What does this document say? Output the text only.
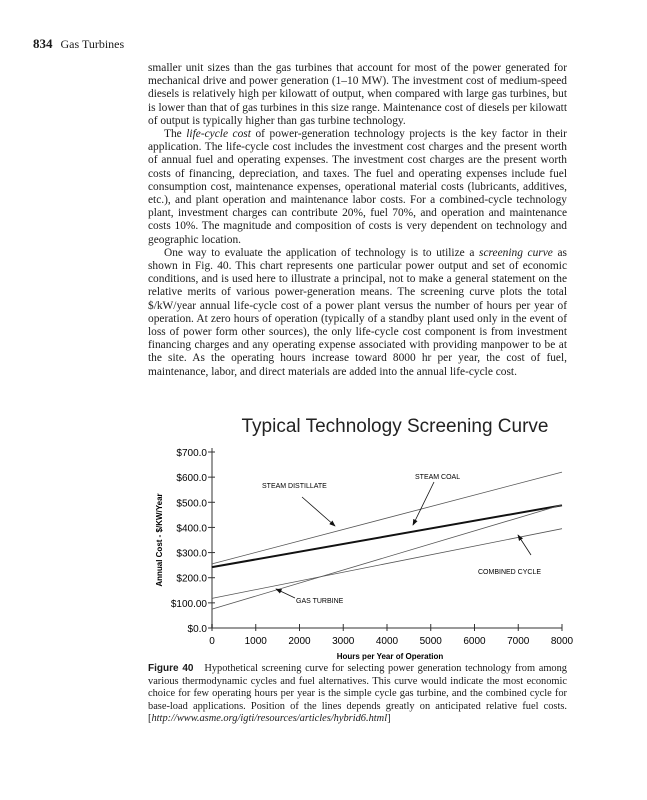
834 Gas Turbines

smaller unit sizes than the gas turbines that account for most of the power generated for mechanical drive and power generation (1–10 MW). The investment cost of medium-speed diesels is relatively high per kilowatt of output, when compared with large gas turbines, but is lower than that of gas turbines in this size range. Maintenance cost of diesels per kilowatt of output is typically higher than gas turbine technology.

The life-cycle cost of power-generation technology projects is the key factor in their application. The life-cycle cost includes the investment cost charges and the present worth of annual fuel and operating expenses. The investment cost charges are the present worth costs of financing, depreciation, and taxes. The fuel and operating expenses include fuel consumption cost, maintenance expenses, operational material costs (lubricants, additives, etc.), and plant operation and maintenance labor costs. For a combined-cycle technology plant, investment charges can contribute 20%, fuel 70%, and operation and maintenance costs 10%. The magnitude and composition of costs is very dependent on technology and geographic location.

One way to evaluate the application of technology is to utilize a screening curve as shown in Fig. 40. This chart represents one particular power output and set of economic conditions, and is used here to illustrate a principal, not to make a general statement on the relative merits of various power-generation means. The screening curve plots the total $/kW/year annual life-cycle cost of a power plant versus the number of hours per year of operation. At zero hours of operation (typically of a standby plant used only in the event of loss of power form other sources), the only life-cycle cost component is from investment financing charges and any operating expense associated with providing manpower to be at the site. As the operating hours increase toward 8000 hr per year, the cost of fuel, maintenance, labor, and direct materials are added into the annual life-cycle cost.

Typical Technology Screening Curve
$0.0
$100.00
$200.0
$300.0
$400.0
$500.0
$600.0
$700.0
0	1000 2000 3000 4000 5000 6000 7000 8000
Hours per Year of Operation
Annual Cost - $/KW/Year
STEAM DISTILLATE
STEAM COAL
GAS TURBINE
COMBINED CYCLE
Figure 40 Hypothetical screening curve for selecting power generation technology from among various thermodynamic cycles and fuel alternatives. This curve would indicate the most economic choice for few operating hours per year is the simple cycle gas turbine, and the combined cycle for base-load applications. Position of the lines depends greatly on anticipated relative fuel costs. [http://www.asme.org/igti/resources/articles/hybrid6.html]
